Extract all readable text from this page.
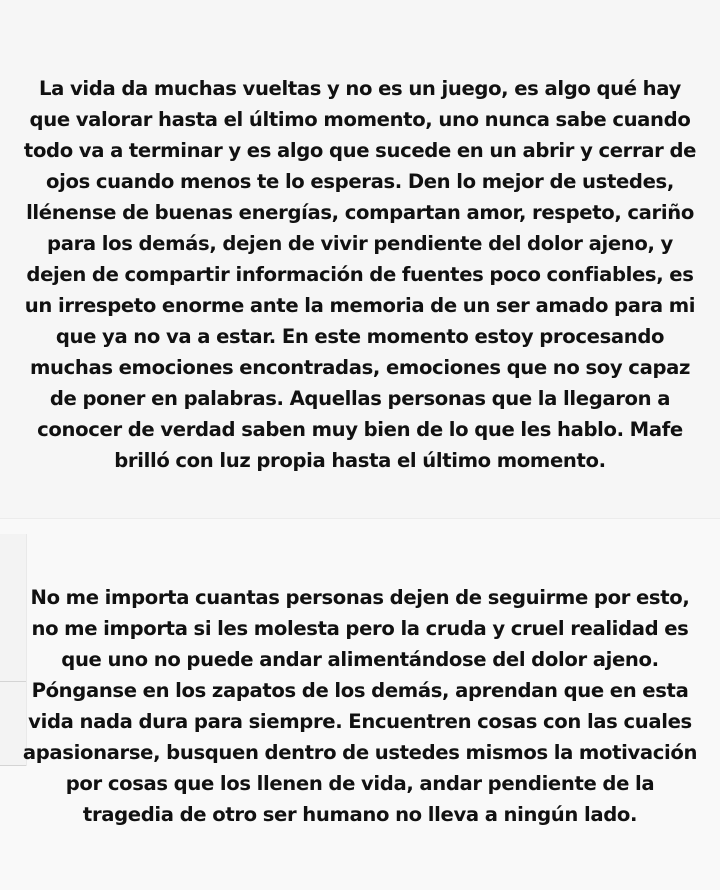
La vida da muchas vueltas y no es un juego, es algo qué hay que valorar hasta el último momento, uno nunca sabe cuando todo va a terminar y es algo que sucede en un abrir y cerrar de ojos cuando menos te lo esperas. Den lo mejor de ustedes, llénense de buenas energías, compartan amor, respeto, cariño para los demás, dejen de vivir pendiente del dolor ajeno, y dejen de compartir información de fuentes poco confiables, es un irrespeto enorme ante la memoria de un ser amado para mi que ya no va a estar. En este momento estoy procesando muchas emociones encontradas, emociones que no soy capaz de poner en palabras. Aquellas personas que la llegaron a conocer de verdad saben muy bien de lo que les hablo. Mafe brilló con luz propia hasta el último momento.

No me importa cuantas personas dejen de seguirme por esto, no me importa si les molesta pero la cruda y cruel realidad es que uno no puede andar alimentándose del dolor ajeno. Pónganse en los zapatos de los demás, aprendan que en esta vida nada dura para siempre. Encuentren cosas con las cuales apasionarse, busquen dentro de ustedes mismos la motivación por cosas que los llenen de vida, andar pendiente de la tragedia de otro ser humano no lleva a ningún lado.
